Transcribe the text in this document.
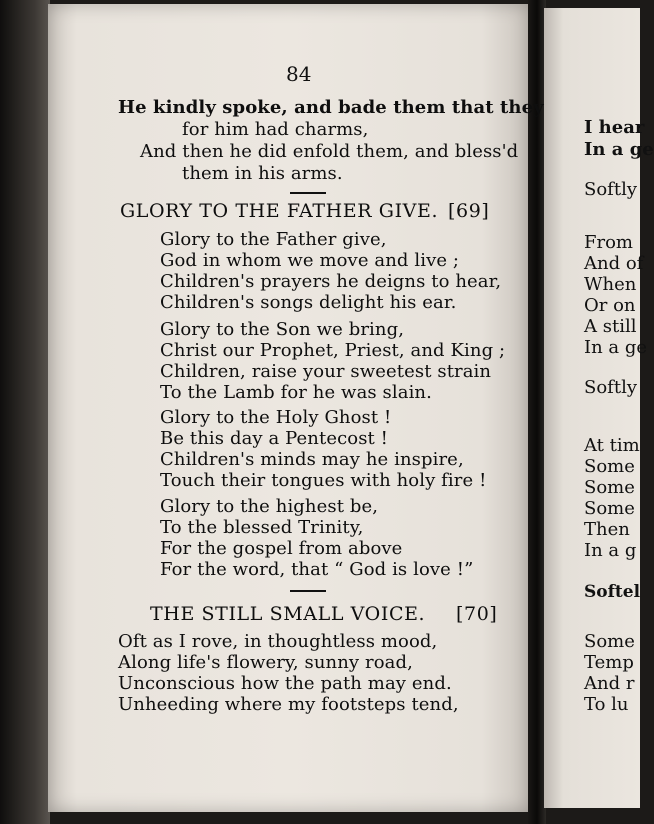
I hear
In a ge
Softly
From
And of
When
Or on
A still
In a ge
Softly
At tim
Some
Some
Some
Then
In a g
Softel
Some
Temp
And r
To lu
84
He kindly spoke, and bade them that they
for him had charms,
And then he did enfold them, and bless'd
them in his arms.
GLORY TO THE FATHER GIVE. [69]
Glory to the Father give,
God in whom we move and live ;
Children's prayers he deigns to hear,
Children's songs delight his ear.
Glory to the Son we bring,
Christ our Prophet, Priest, and King ;
Children, raise your sweetest strain
To the Lamb for he was slain.
Glory to the Holy Ghost !
Be this day a Pentecost !
Children's minds may he inspire,
Touch their tongues with holy fire !
Glory to the highest be,
To the blessed Trinity,
For the gospel from above
For the word, that “ God is love !”
THE STILL SMALL VOICE. [70]
Oft as I rove, in thoughtless mood,
Along life's flowery, sunny road,
Unconscious how the path may end.
Unheeding where my footsteps tend,
